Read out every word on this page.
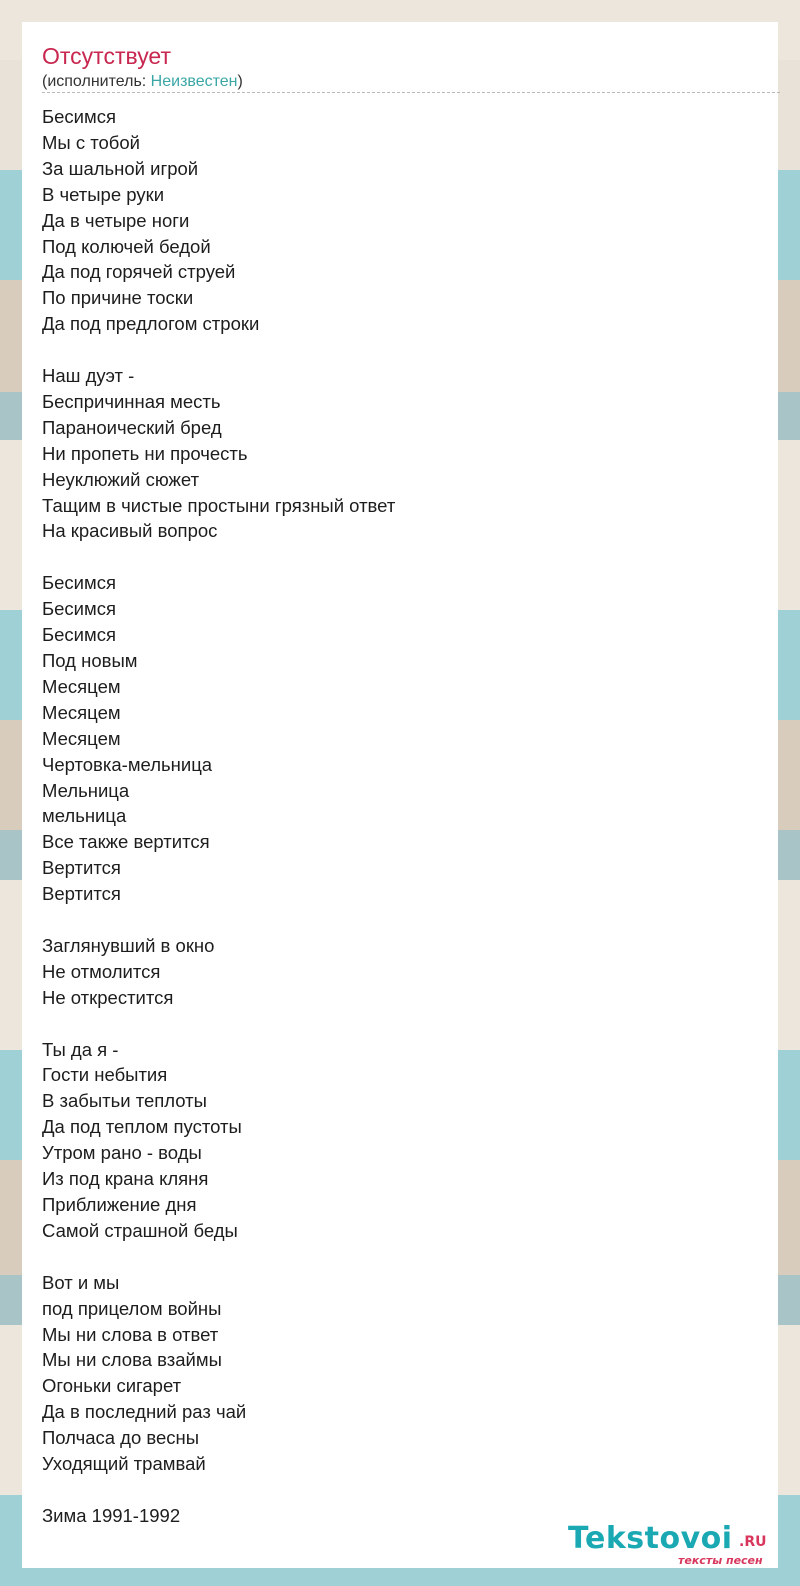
Отсутствует
(исполнитель: Неизвестен)
Бесимся
Мы с тобой
За шальной игрой
В четыре руки
Да в четыре ноги
Под колючей бедой
Да под горячей струей
По причине тоски
Да под предлогом строки
Наш дуэт -
Беспричинная месть
Параноический бред
Ни пропеть ни прочесть
Неуклюжий сюжет
Тащим в чистые простыни грязный ответ
На красивый вопрос
Бесимся
Бесимся
Бесимся
Под новым
Месяцем
Месяцем
Месяцем
Чертовка-мельница
Мельница
мельница
Все также вертится
Вертится
Вертится
Заглянувший в окно
Не отмолится
Не открестится
Ты да я -
Гости небытия
В забытьи теплоты
Да под теплом пустоты
Утром рано - воды
Из под крана кляня
Приближение дня
Самой страшной беды
Вот и мы
под прицелом войны
Мы ни слова в ответ
Мы ни слова взаймы
Огоньки сигарет
Да в последний раз чай
Полчаса до весны
Уходящий трамвай
Зима 1991-1992
Tekstovoi .RU
тексты песен
